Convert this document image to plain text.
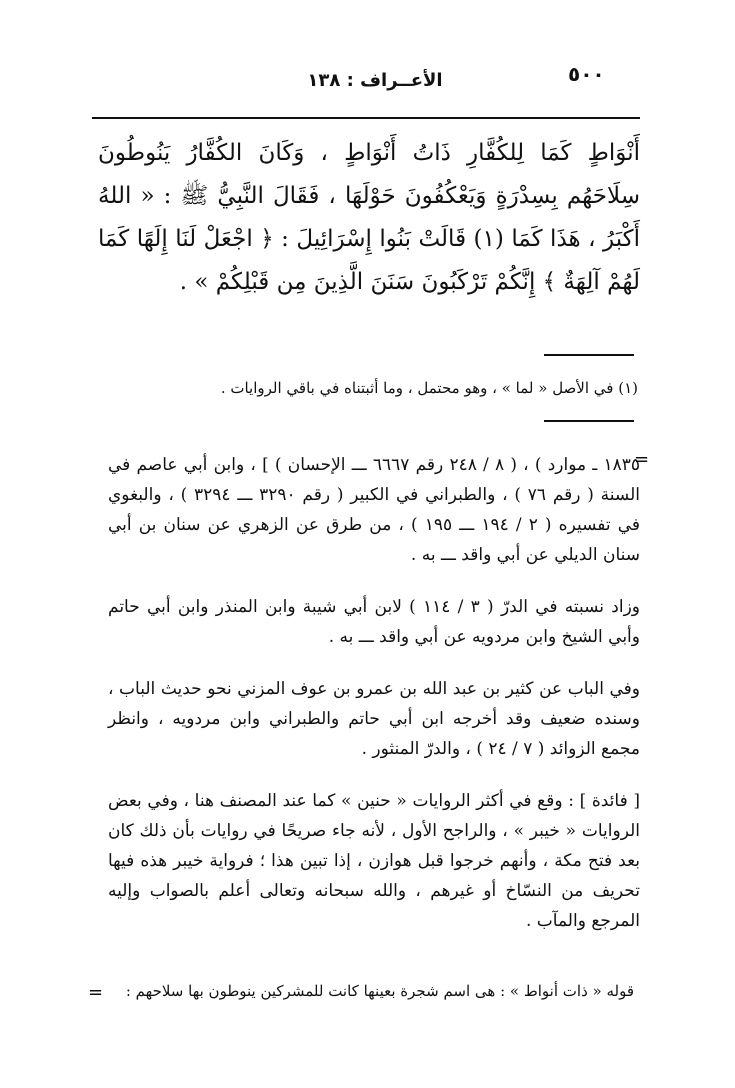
٥٠٠
الأعــراف : ١٣٨

أَنْوَاطٍ كَمَا لِلكُفَّارِ ذَاتُ أَنْوَاطٍ ، وَكَانَ الكُفَّارُ يَنُوطُونَ سِلَاحَهُم بِسِدْرَةٍ وَيَعْكُفُونَ حَوْلَهَا ، فَقَالَ النَّبِيُّ ﷺ : « اللهُ أَكْبَرُ ، هَذَا كَمَا (١) قَالَتْ بَنُوا إِسْرَائِيلَ : ﴿ اجْعَلْ لَنَا إِلَهًا كَمَا لَهُمْ آلِهَةٌ ﴾ إِنَّكُمْ تَرْكَبُونَ سَنَنَ الَّذِينَ مِن قَبْلِكُمْ » .

(١) في الأصل « لما » ، وهو محتمل ، وما أثبتناه في باقي الروايات .
=

١٨٣٥ ـ موارد ) ، ( ٨ / ٢٤٨ رقم ٦٦٦٧ ـــ الإحسان ) ] ، وابن أبي عاصم في السنة ( رقم ٧٦ ) ، والطبراني في الكبير ( رقم ٣٢٩٠ ـــ ٣٢٩٤ ) ، والبغوي في تفسيره ( ٢ / ١٩٤ ـــ ١٩٥ ) ، من طرق عن الزهري عن سنان بن أبي سنان الديلي عن أبي واقد ـــ به .

وزاد نسبته في الدرّ ( ٣ / ١١٤ ) لابن أبي شيبة وابن المنذر وابن أبي حاتم وأبي الشيخ وابن مردويه عن أبي واقد ـــ به .

وفي الباب عن كثير بن عبد الله بن عمرو بن عوف المزني نحو حديث الباب ، وسنده ضعيف وقد أخرجه ابن أبي حاتم والطبراني وابن مردويه ، وانظر مجمع الزوائد ( ٧ / ٢٤ ) ، والدرّ المنثور .

[ فائدة ] : وقع في أكثر الروايات « حنين » كما عند المصنف هنا ، وفي بعض الروايات « خيبر » ، والراجح الأول ، لأنه جاء صريحًا في روايات بأن ذلك كان بعد فتح مكة ، وأنهم خرجوا قبل هوازن ، إذا تبين هذا ؛ فرواية خيبر هذه فيها تحريف من النسّاخ أو غيرهم ، والله سبحانه وتعالى أعلم بالصواب وإليه المرجع والمآب .

قوله « ذات أنواط » : هى اسم شجرة بعينها كانت للمشركين ينوطون بها سلاحهم :
=
